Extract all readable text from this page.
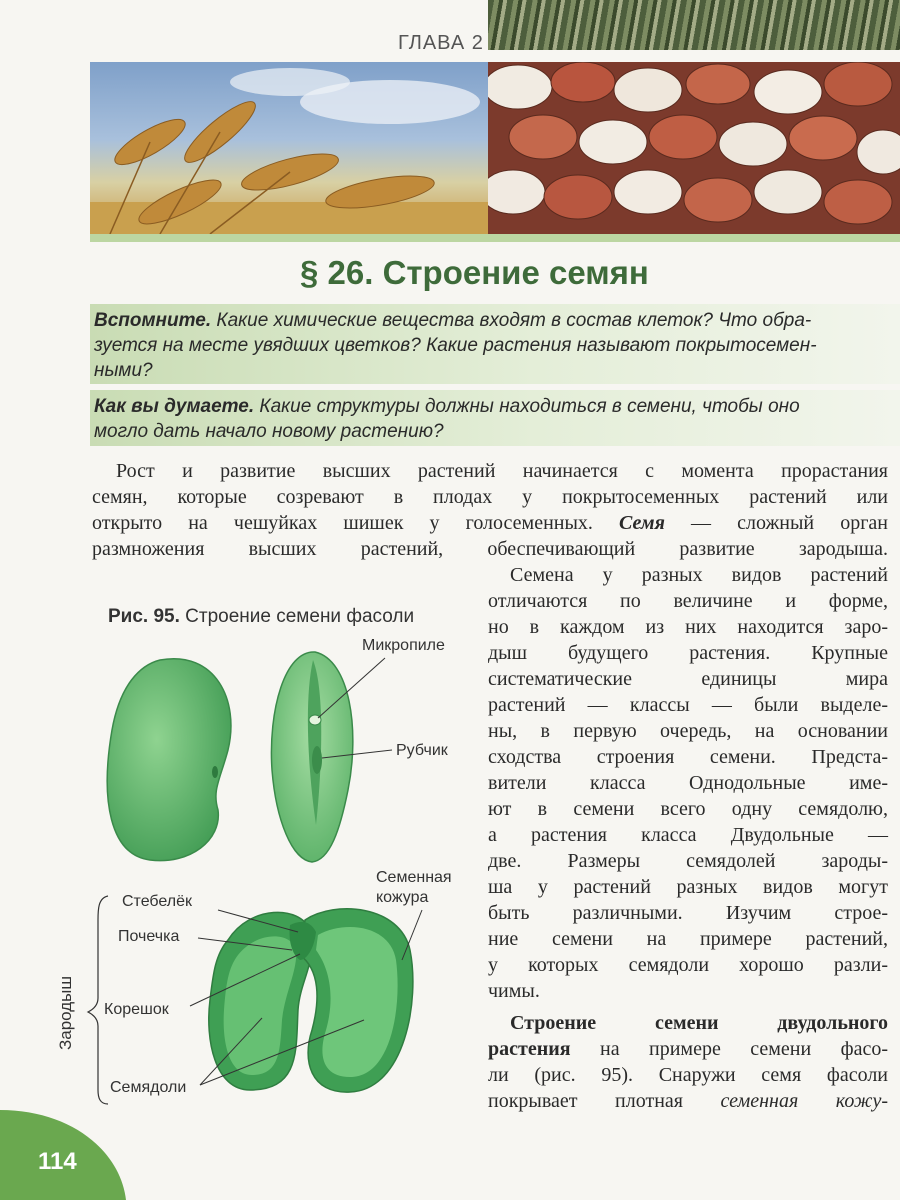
ГЛАВА 2
§ 26. Строение семян

Вспомните. Какие химические вещества входят в состав клеток? Что обра-

зуется на месте увядших цветков? Какие растения называют покрытосемен-

ными?

Как вы думаете. Какие структуры должны находиться в семени, чтобы оно

могло дать начало новому растению?

Рост и развитие высших растений начинается с момента прорастания

семян, которые созревают в плодах у покрытосеменных растений или

открыто на чешуйках шишек у голосеменных. Семя — сложный орган

размножения высших растений, обеспечивающий развитие зародыша.

Семена у разных видов растений

отличаются по величине и форме,

но в каждом из них находится заро-

дыш будущего растения. Крупные

систематические единицы мира

растений — классы — были выделе-

ны, в первую очередь, на основании

сходства строения семени. Предста-

вители класса Однодольные име-

ют в семени всего одну семядолю,

а растения класса Двудольные —

две. Размеры семядолей зароды-

ша у растений разных видов могут

быть различными. Изучим строе-

ние семени на примере растений,

у которых семядоли хорошо разли-

чимы.

Строение семени двудольного

растения на примере семени фасо-

ли (рис. 95). Снаружи семя фасоли

покрывает плотная семенная кожу-

Рис. 95. Строение семени фасоли

Микропиле
Рубчик
Семенная
кожура
Стебелёк
Почечка
Корешок
Семядоли
Зародыш
114
